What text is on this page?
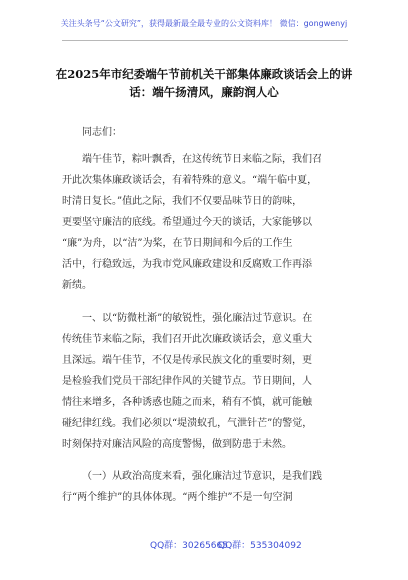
关注头条号“公文研究”，获得最新最全最专业的公文资料库！ 微信：gongwenyj
在2025年市纪委端午节前机关干部集体廉政谈话会上的讲
话：端午扬清风，廉韵润人心
同志们：
端午佳节，粽叶飘香，在这传统节日来临之际，我们召
开此次集体廉政谈话会，有着特殊的意义。“端午临中夏，
时清日复长。”值此之际，我们不仅要品味节日的韵味，
更要坚守廉洁的底线。希望通过今天的谈话，大家能够以
“廉”为舟，以“洁”为桨，在节日期间和今后的工作生
活中，行稳致远，为我市党风廉政建设和反腐败工作再添
新绩。
一、以“防微杜渐”的敏锐性，强化廉洁过节意识。在
传统佳节来临之际，我们召开此次廉政谈话会，意义重大
且深远。端午佳节，不仅是传承民族文化的重要时刻，更
是检验我们党员干部纪律作风的关键节点。节日期间，人
情往来增多，各种诱惑也随之而来，稍有不慎，就可能触
碰纪律红线。我们必须以“堤溃蚁孔，气泄针芒”的警觉，
时刻保持对廉洁风险的高度警惕，做到防患于未然。
（一）从政治高度来看，强化廉洁过节意识，是我们践
行“两个维护”的具体体现。“两个维护”不是一句空洞
QQ群：30265665
QQ群：535304092
